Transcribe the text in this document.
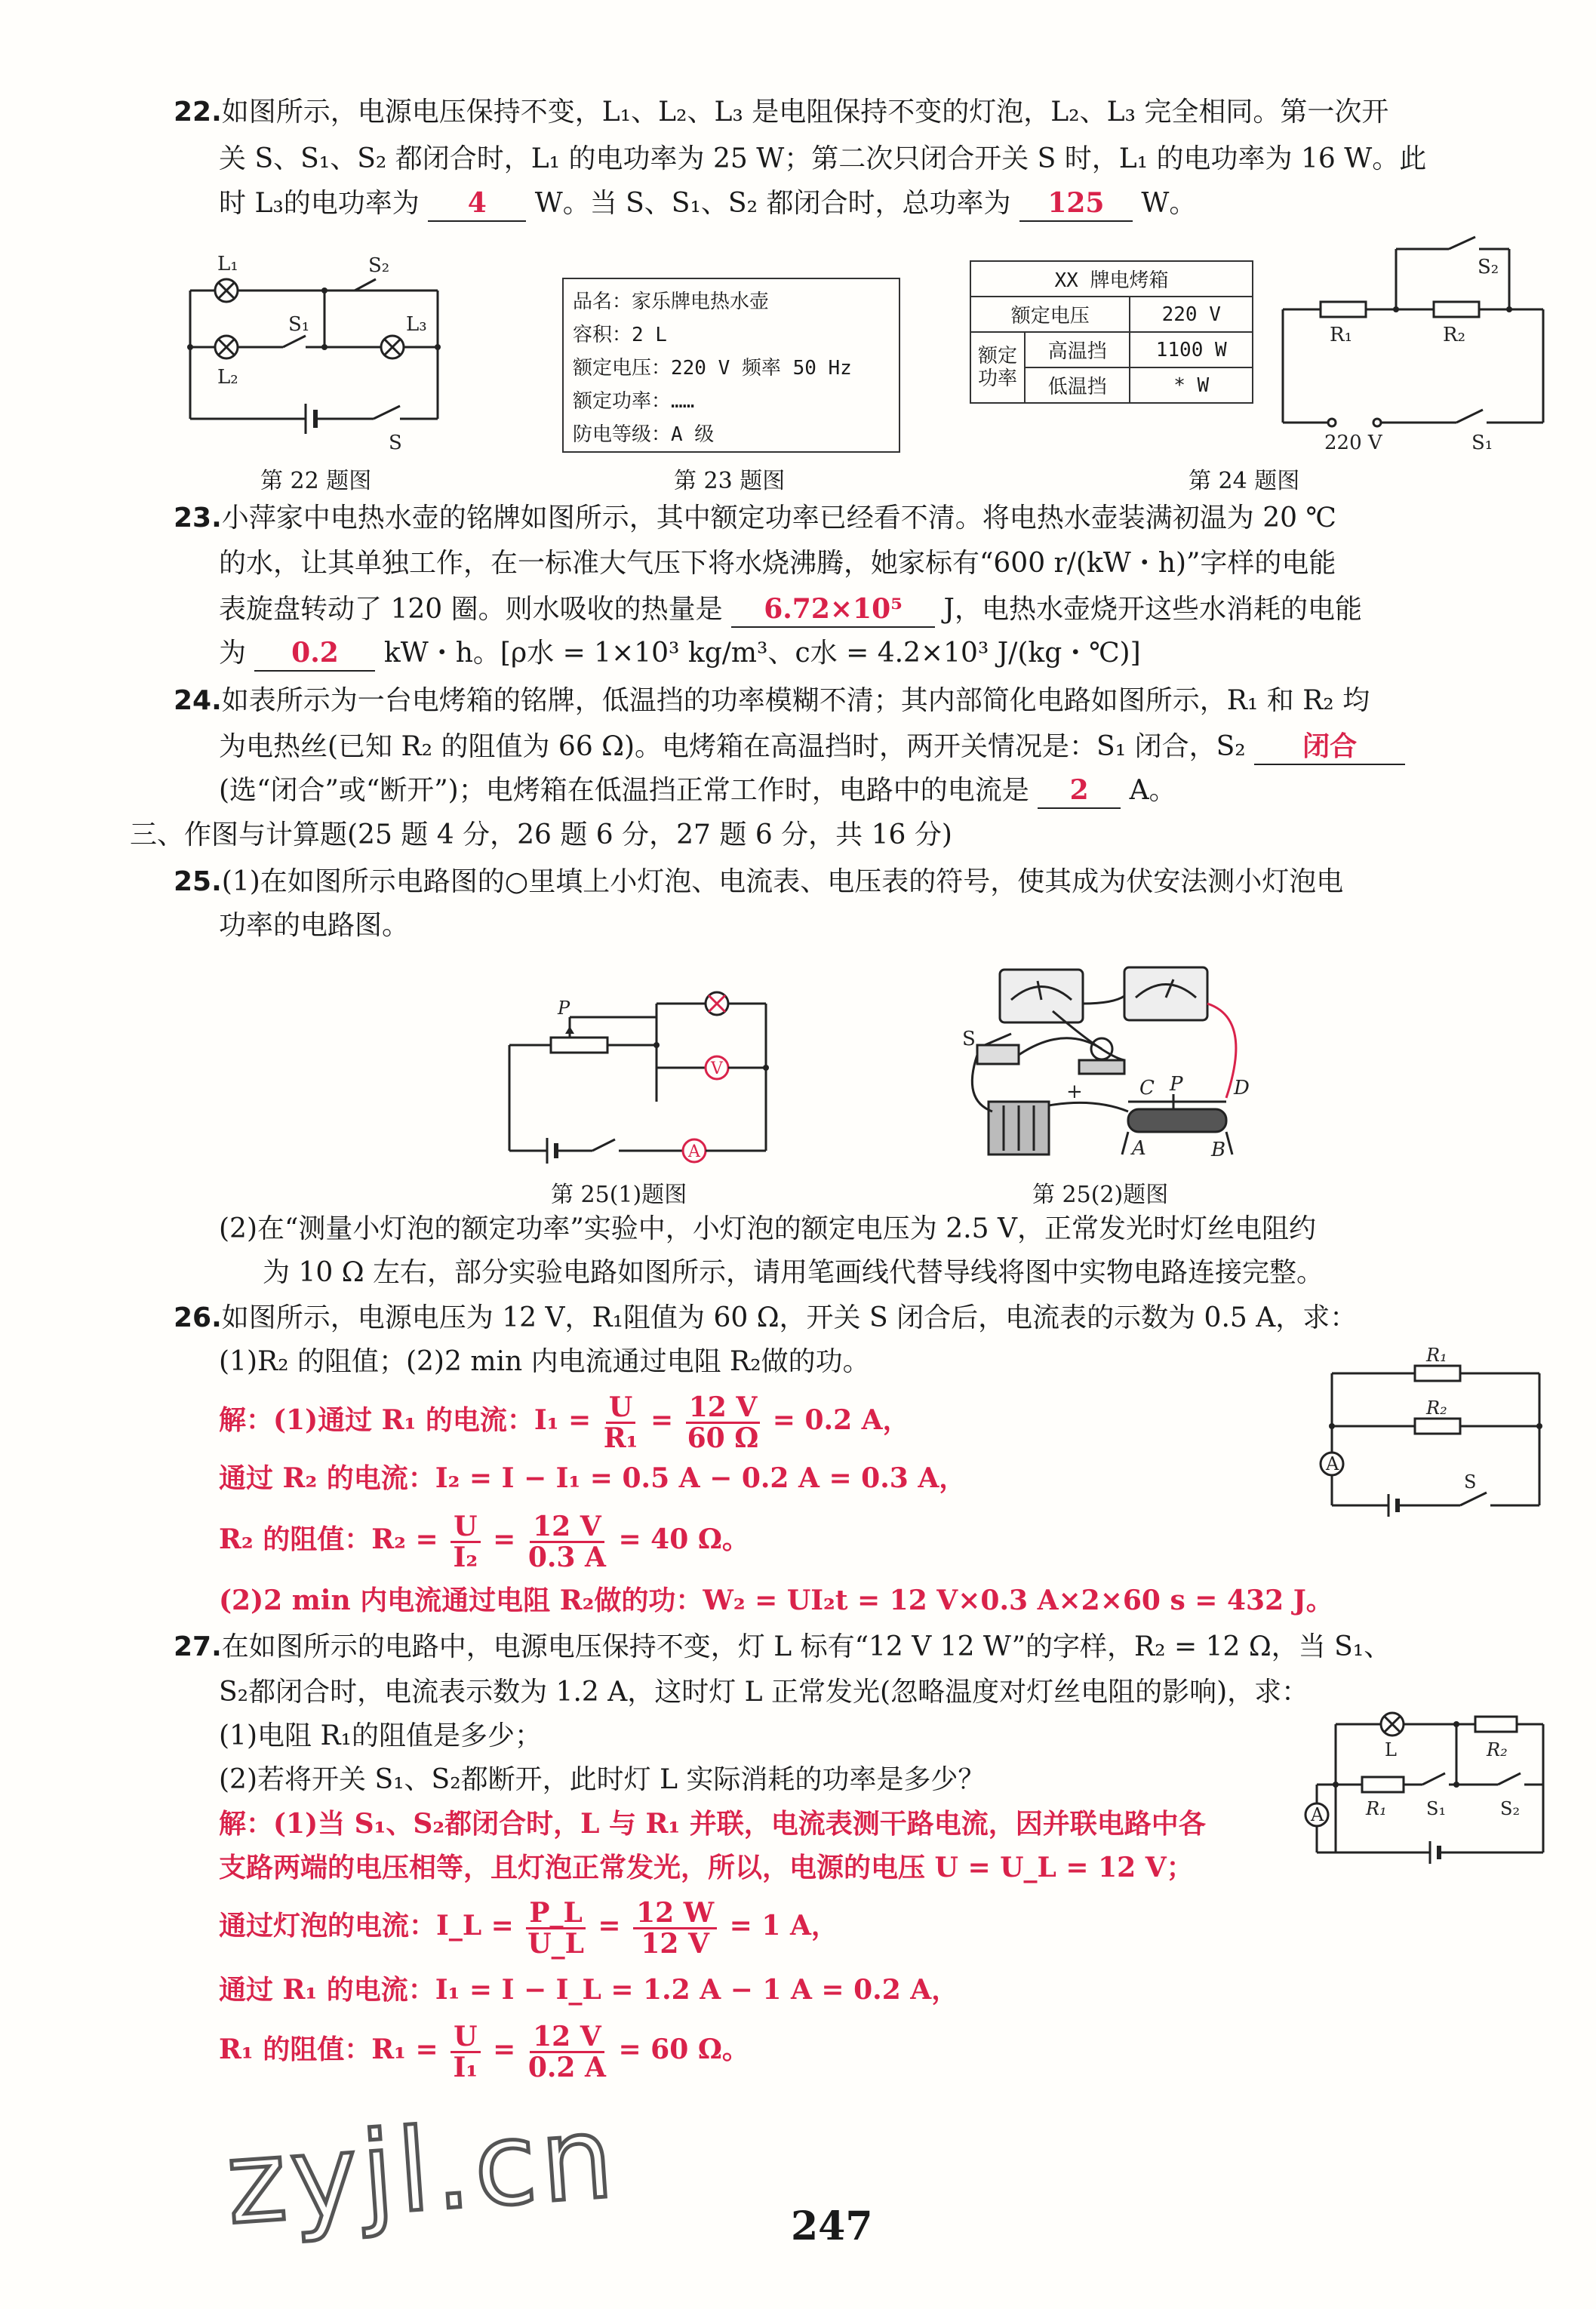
22.如图所示，电源电压保持不变，L₁、L₂、L₃ 是电阻保持不变的灯泡，L₂、L₃ 完全相同。第一次开
关 S、S₁、S₂ 都闭合时，L₁ 的电功率为 25 W；第二次只闭合开关 S 时，L₁ 的电功率为 16 W。此
时 L₃的电功率为 4 W。当 S、S₁、S₂ 都闭合时，总功率为 125 W。
L₁
L₂
L₃
S₁
S₂
S
第 22 题图
品名：家乐牌电热水壶
容积：2 L
额定电压：220 V 频率 50 Hz
额定功率：……
防电等级：A 级
第 23 题图
XX 牌电烤箱		
额定电压		220 V
额定功率	高温挡	1100 W
	低温挡	* W
R₁	R₂
S₂
S₁
220 V
第 24 题图
23.小萍家中电热水壶的铭牌如图所示，其中额定功率已经看不清。将电热水壶装满初温为 20 ℃
的水，让其单独工作，在一标准大气压下将水烧沸腾，她家标有“600 r/(kW・h)”字样的电能
表旋盘转动了 120 圈。则水吸收的热量是 6.72×10⁵ J，电热水壶烧开这些水消耗的电能
为 0.2 kW・h。[ρ水 = 1×10³ kg/m³、c水 = 4.2×10³ J/(kg・℃)]
24.如表所示为一台电烤箱的铭牌，低温挡的功率模糊不清；其内部简化电路如图所示，R₁ 和 R₂ 均
为电热丝(已知 R₂ 的阻值为 66 Ω)。电烤箱在高温挡时，两开关情况是：S₁ 闭合，S₂ 闭合
(选“闭合”或“断开”)；电烤箱在低温挡正常工作时，电路中的电流是 2 A。
三、作图与计算题(25 题 4 分，26 题 6 分，27 题 6 分，共 16 分)
25.(1)在如图所示电路图的○里填上小灯泡、电流表、电压表的符号，使其成为伏安法测小灯泡电
功率的电路图。
P
V
A
第 25(1)题图
S
+	C P	D
A	B
第 25(2)题图
(2)在“测量小灯泡的额定功率”实验中，小灯泡的额定电压为 2.5 V，正常发光时灯丝电阻约
为 10 Ω 左右，部分实验电路如图所示，请用笔画线代替导线将图中实物电路连接完整。
26.如图所示，电源电压为 12 V，R₁阻值为 60 Ω，开关 S 闭合后，电流表的示数为 0.5 A，求：
(1)R₂ 的阻值；(2)2 min 内电流通过电阻 R₂做的功。	R₁
R₂
A
S
解：(1)通过 R₁ 的电流：$I_1 = \frac{U}{\text{R₁}} = \frac{12 V}{60 \Omega} = 0.2$ A，
通过 R₂ 的电流：I₂ = I − I₁ = 0.5 A − 0.2 A = 0.3 A，
R₂ 的阻值：$R_2 = \frac{U}{\text{I₂}} = \frac{12 V}{0.3 A} = 40$ Ω。
(2)2 min 内电流通过电阻 R₂做的功：W₂ = UI₂t = 12 V×0.3 A×2×60 s = 432 J。
27.在如图所示的电路中，电源电压保持不变，灯 L 标有“12 V 12 W”的字样，R₂ = 12 Ω，当 S₁、
S₂都闭合时，电流表示数为 1.2 A，这时灯 L 正常发光(忽略温度对灯丝电阻的影响)，求：
(1)电阻 R₁的阻值是多少；
(2)若将开关 S₁、S₂都断开，此时灯 L 实际消耗的功率是多少？
L	R₂
R₁ S₁	S₂
A
解：(1)当 S₁、S₂都闭合时，L 与 R₁ 并联，电流表测干路电流，因并联电路中各
支路两端的电压相等，且灯泡正常发光，所以，电源的电压 U = U_L = 12 V；
通过灯泡的电流：I_L = $\frac{P\_L}{U\_L} = \frac{12 W}{12 V} = 1$ A，
通过 R₁ 的电流：I₁ = I − I_L = 1.2 A − 1 A = 0.2 A，
R₁ 的阻值：$R_1 = \frac{U}{\text{I₁}} = \frac{12 V}{0.2 A} = 60$ Ω。
zyjl.cn	247
